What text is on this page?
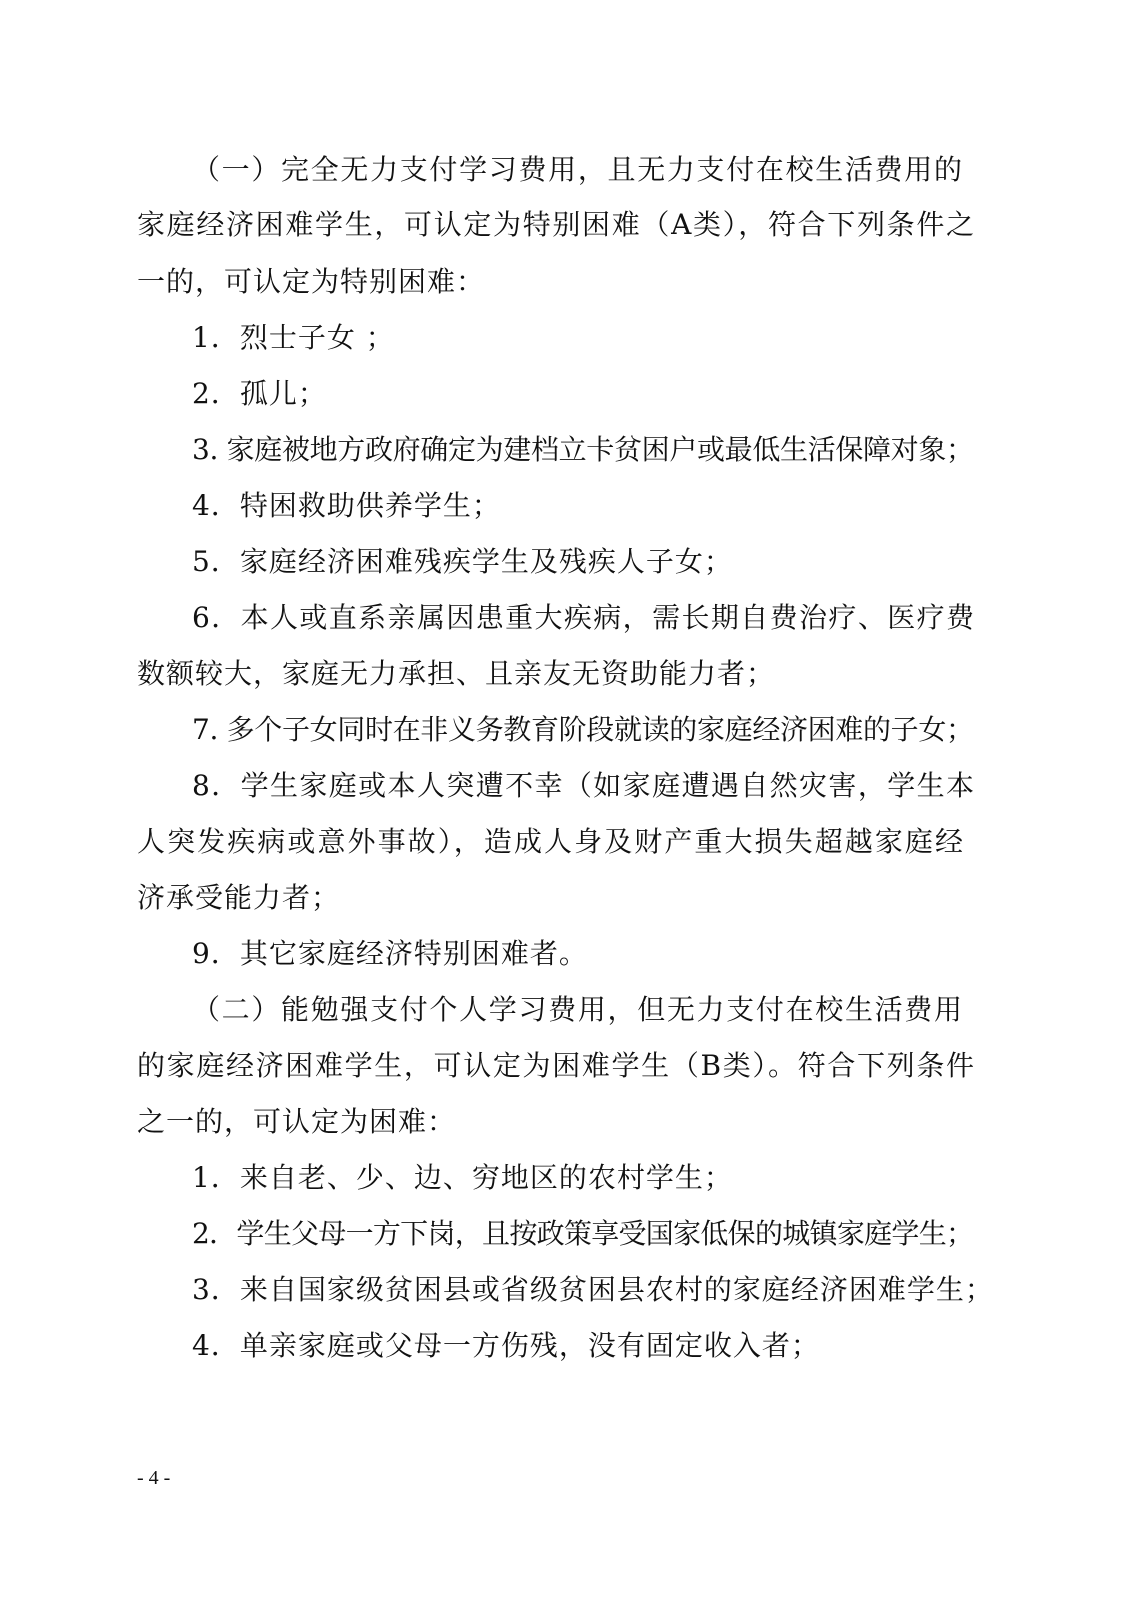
（一）完全无力支付学习费用，且无力支付在校生活费用的
家庭经济困难学生，可认定为特别困难（A类），符合下列条件之
一的，可认定为特别困难：
1．烈士子女 ；
2．孤儿；
3. 家庭被地方政府确定为建档立卡贫困户或最低生活保障对象；
4．特困救助供养学生；
5．家庭经济困难残疾学生及残疾人子女；
6．本人或直系亲属因患重大疾病，需长期自费治疗、医疗费
数额较大，家庭无力承担、且亲友无资助能力者；
7. 多个子女同时在非义务教育阶段就读的家庭经济困难的子女；
8．学生家庭或本人突遭不幸（如家庭遭遇自然灾害，学生本
人突发疾病或意外事故），造成人身及财产重大损失超越家庭经
济承受能力者；
9．其它家庭经济特别困难者。
（二）能勉强支付个人学习费用，但无力支付在校生活费用
的家庭经济困难学生，可认定为困难学生（B类）。符合下列条件
之一的，可认定为困难：
1．来自老、少、边、穷地区的农村学生；
2．学生父母一方下岗，且按政策享受国家低保的城镇家庭学生；
3．来自国家级贫困县或省级贫困县农村的家庭经济困难学生；
4．单亲家庭或父母一方伤残，没有固定收入者；
- 4 -
